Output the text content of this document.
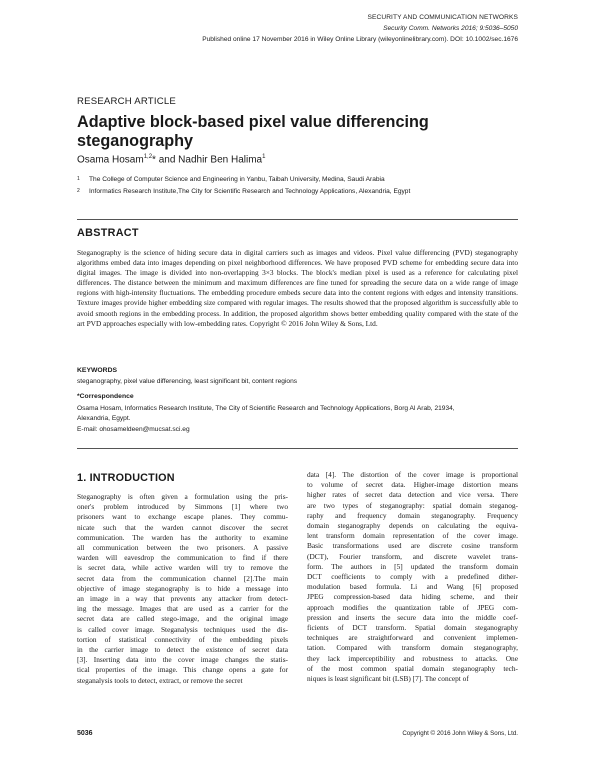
SECURITY AND COMMUNICATION NETWORKS
Security Comm. Networks 2016; 9:5036–5050
Published online 17 November 2016 in Wiley Online Library (wileyonlinelibrary.com). DOI: 10.1002/sec.1676
RESEARCH ARTICLE
Adaptive block-based pixel value differencing steganography
Osama Hosam$^{1,2}$* and Nadhir Ben Halima$^1$
1 The College of Computer Science and Engineering in Yanbu, Taibah University, Medina, Saudi Arabia
2 Informatics Research Institute,The City for Scientific Research and Technology Applications, Alexandria, Egypt
ABSTRACT
Steganography is the science of hiding secure data in digital carriers such as images and videos. Pixel value differencing (PVD) steganography algorithms embed data into images depending on pixel neighborhood differences. We have proposed PVD scheme for embedding secure data into digital images. The image is divided into non-overlapping 3×3 blocks. The block's median pixel is used as a reference for calculating pixel differences. The distance between the minimum and maximum differences are fine tuned for spreading the secure data on a wide range of image regions with high-intensity fluctuations. The embedding procedure embeds secure data into the content regions with edges and intensity transitions. Texture images provide higher embedding size compared with regular images. The results showed that the proposed algorithm is successfully able to avoid smooth regions in the embedding process. In addition, the proposed algorithm shows better embedding quality compared with the state of the art PVD approaches especially with low-embedding rates. Copyright © 2016 John Wiley & Sons, Ltd.
KEYWORDS
steganography, pixel value differencing, least significant bit, content regions
*Correspondence
Osama Hosam, Informatics Research Institute, The City of Scientific Research and Technology Applications, Borg Al Arab, 21934,
Alexandria, Egypt.
E-mail: ohosameldeen@mucsat.sci.eg
1. INTRODUCTION
Steganography is often given a formulation using the pris-
oner's problem introduced by Simmons [1] where two
prisoners want to exchange escape planes. They commu-
nicate such that the warden cannot discover the secret
communication. The warden has the authority to examine
all communication between the two prisoners. A passive
warden will eavesdrop the communication to find if there
is secret data, while active warden will try to remove the
secret data from the communication channel [2].The main
objective of image steganography is to hide a message into
an image in a way that prevents any attacker from detect-
ing the message. Images that are used as a carrier for the
secret data are called stego-image, and the original image
is called cover image. Steganalysis techniques used the dis-
tortion of statistical connectivity of the embedding pixels
in the carrier image to detect the existence of secret data
[3]. Inserting data into the cover image changes the statis-
tical properties of the image. This change opens a gate for
steganalysis tools to detect, extract, or remove the secret
data [4]. The distortion of the cover image is proportional
to volume of secret data. Higher-image distortion means
higher rates of secret data detection and vice versa. There
are two types of steganography: spatial domain steganog-
raphy and frequency domain steganography. Frequency
domain steganography depends on calculating the equiva-
lent transform domain representation of the cover image.
Basic transformations used are discrete cosine transform
(DCT), Fourier transform, and discrete wavelet trans-
form. The authors in [5] updated the transform domain
DCT coefficients to comply with a predefined dither-
modulation based formula. Li and Wang [6] proposed
JPEG compression-based data hiding scheme, and their
approach modifies the quantization table of JPEG com-
pression and inserts the secure data into the middle coef-
ficients of DCT transform. Spatial domain steganography
techniques are straightforward and convenient implemen-
tation. Compared with transform domain steganography,
they lack imperceptibility and robustness to attacks. One
of the most common spatial domain steganography tech-
niques is least significant bit (LSB) [7]. The concept of
5036	Copyright © 2016 John Wiley & Sons, Ltd.
